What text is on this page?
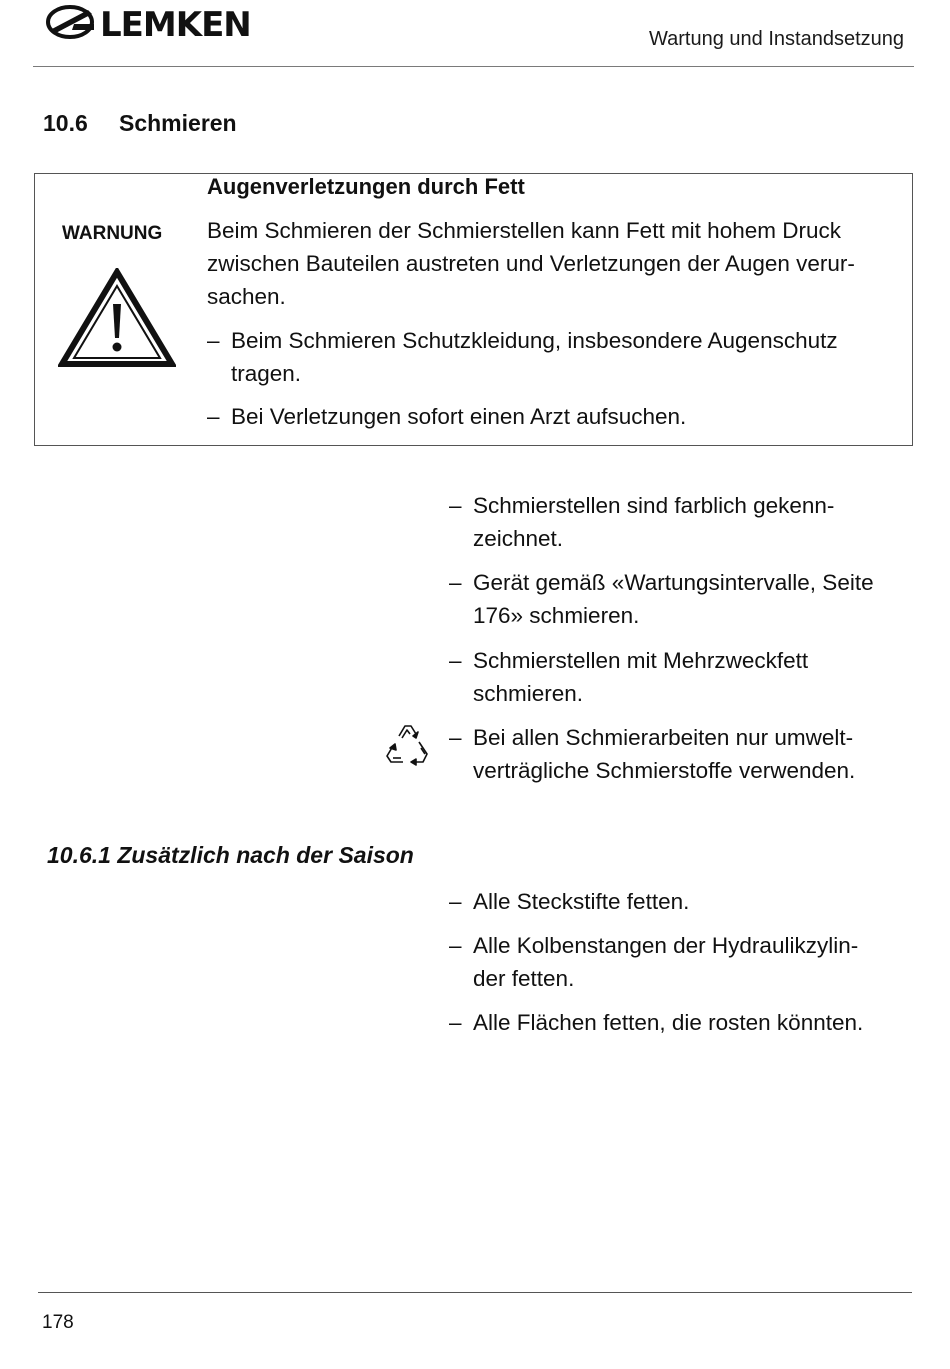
LEMKEN	Wartung und Instandsetzung
10.6 Schmieren
WARNUNG
Augenverletzungen durch Fett
Beim Schmieren der Schmierstellen kann Fett mit hohem Druck
zwischen Bauteilen austreten und Verletzungen der Augen verur-
sachen.
– Beim Schmieren Schutzkleidung, insbesondere Augenschutz
tragen.
– Bei Verletzungen sofort einen Arzt aufsuchen.
– Schmierstellen sind farblich gekenn-
zeichnet.
– Gerät gemäß «Wartungsintervalle, Seite
176» schmieren.
– Schmierstellen mit Mehrzweckfett
schmieren.
– Bei allen Schmierarbeiten nur umwelt-
verträgliche Schmierstoffe verwenden.
10.6.1 Zusätzlich nach der Saison
– Alle Steckstifte fetten.
– Alle Kolbenstangen der Hydraulikzylin-
der fetten.
– Alle Flächen fetten, die rosten könnten.
178
